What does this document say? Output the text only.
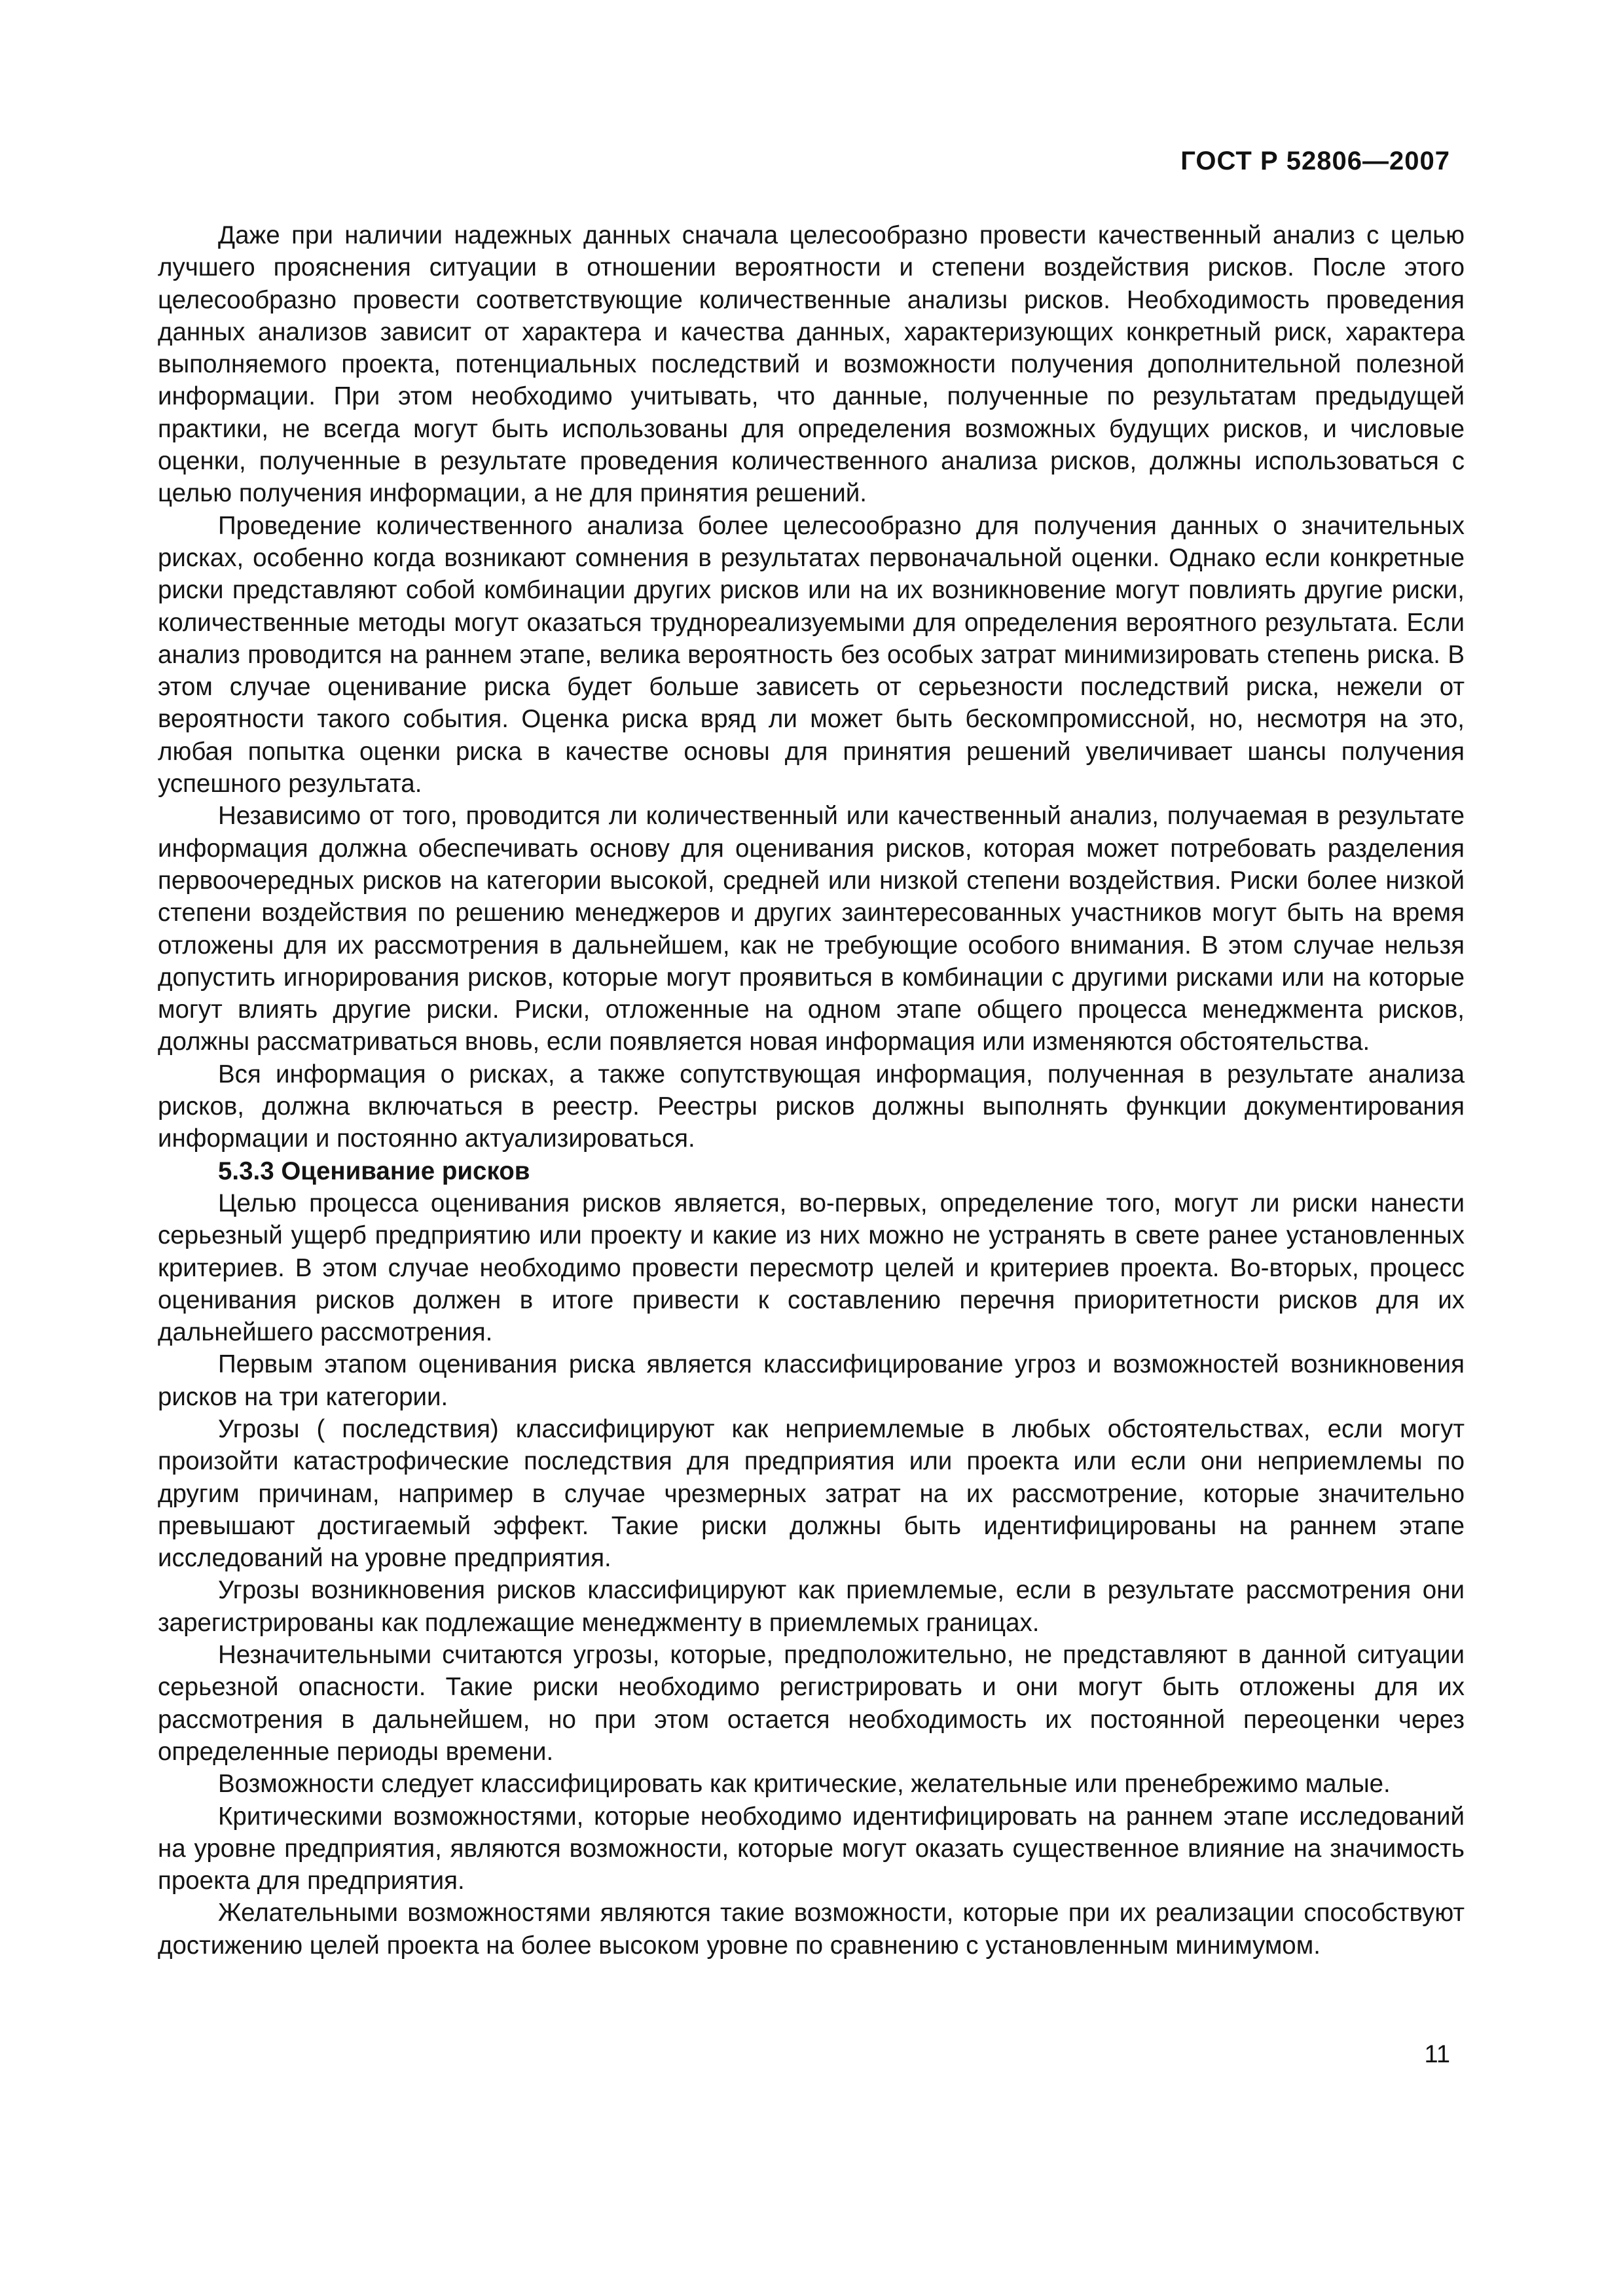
ГОСТ Р 52806—2007

Даже при наличии надежных данных сначала целесообразно провести качественный анализ с целью лучшего прояснения ситуации в отношении вероятности и степени воздействия рисков. После этого целесообразно провести соответствующие количественные анализы рисков. Необходимость проведения данных анализов зависит от характера и качества данных, характеризующих конкретный риск, характера выполняемого проекта, потенциальных последствий и возможности получения дополнительной полезной информации. При этом необходимо учитывать, что данные, полученные по результатам предыдущей практики, не всегда могут быть использованы для определения возможных будущих рисков, и числовые оценки, полученные в результате проведения количественного анализа рисков, должны использоваться с целью получения информации, а не для принятия решений.

Проведение количественного анализа более целесообразно для получения данных о значительных рисках, особенно когда возникают сомнения в результатах первоначальной оценки. Однако если конкретные риски представляют собой комбинации других рисков или на их возникновение могут повлиять другие риски, количественные методы могут оказаться труднореализуемыми для определения вероятного результата. Если анализ проводится на раннем этапе, велика вероятность без особых затрат минимизировать степень риска. В этом случае оценивание риска будет больше зависеть от серьезности последствий риска, нежели от вероятности такого события. Оценка риска вряд ли может быть бескомпромиссной, но, несмотря на это, любая попытка оценки риска в качестве основы для принятия решений увеличивает шансы получения успешного результата.

Независимо от того, проводится ли количественный или качественный анализ, получаемая в результате информация должна обеспечивать основу для оценивания рисков, которая может потребовать разделения первоочередных рисков на категории высокой, средней или низкой степени воздействия. Риски более низкой степени воздействия по решению менеджеров и других заинтересованных участников могут быть на время отложены для их рассмотрения в дальнейшем, как не требующие особого внимания. В этом случае нельзя допустить игнорирования рисков, которые могут проявиться в комбинации с другими рисками или на которые могут влиять другие риски. Риски, отложенные на одном этапе общего процесса менеджмента рисков, должны рассматриваться вновь, если появляется новая информация или изменяются обстоятельства.

Вся информация о рисках, а также сопутствующая информация, полученная в результате анализа рисков, должна включаться в реестр. Реестры рисков должны выполнять функции документирования информации и постоянно актуализироваться.

5.3.3 Оценивание рисков

Целью процесса оценивания рисков является, во-первых, определение того, могут ли риски нанести серьезный ущерб предприятию или проекту и какие из них можно не устранять в свете ранее установленных критериев. В этом случае необходимо провести пересмотр целей и критериев проекта. Во-вторых, процесс оценивания рисков должен в итоге привести к составлению перечня приоритетности рисков для их дальнейшего рассмотрения.

Первым этапом оценивания риска является классифицирование угроз и возможностей возникновения рисков на три категории.

Угрозы ( последствия) классифицируют как неприемлемые в любых обстоятельствах, если могут произойти катастрофические последствия для предприятия или проекта или если они неприемлемы по другим причинам, например в случае чрезмерных затрат на их рассмотрение, которые значительно превышают достигаемый эффект. Такие риски должны быть идентифицированы на раннем этапе исследований на уровне предприятия.

Угрозы возникновения рисков классифицируют как приемлемые, если в результате рассмотрения они зарегистрированы как подлежащие менеджменту в приемлемых границах.

Незначительными считаются угрозы, которые, предположительно, не представляют в данной ситуации серьезной опасности. Такие риски необходимо регистрировать и они могут быть отложены для их рассмотрения в дальнейшем, но при этом остается необходимость их постоянной переоценки через определенные периоды времени.

Возможности следует классифицировать как критические, желательные или пренебрежимо малые.

Критическими возможностями, которые необходимо идентифицировать на раннем этапе исследований на уровне предприятия, являются возможности, которые могут оказать существенное влияние на значимость проекта для предприятия.

Желательными возможностями являются такие возможности, которые при их реализации способствуют достижению целей проекта на более высоком уровне по сравнению с установленным минимумом.

11
